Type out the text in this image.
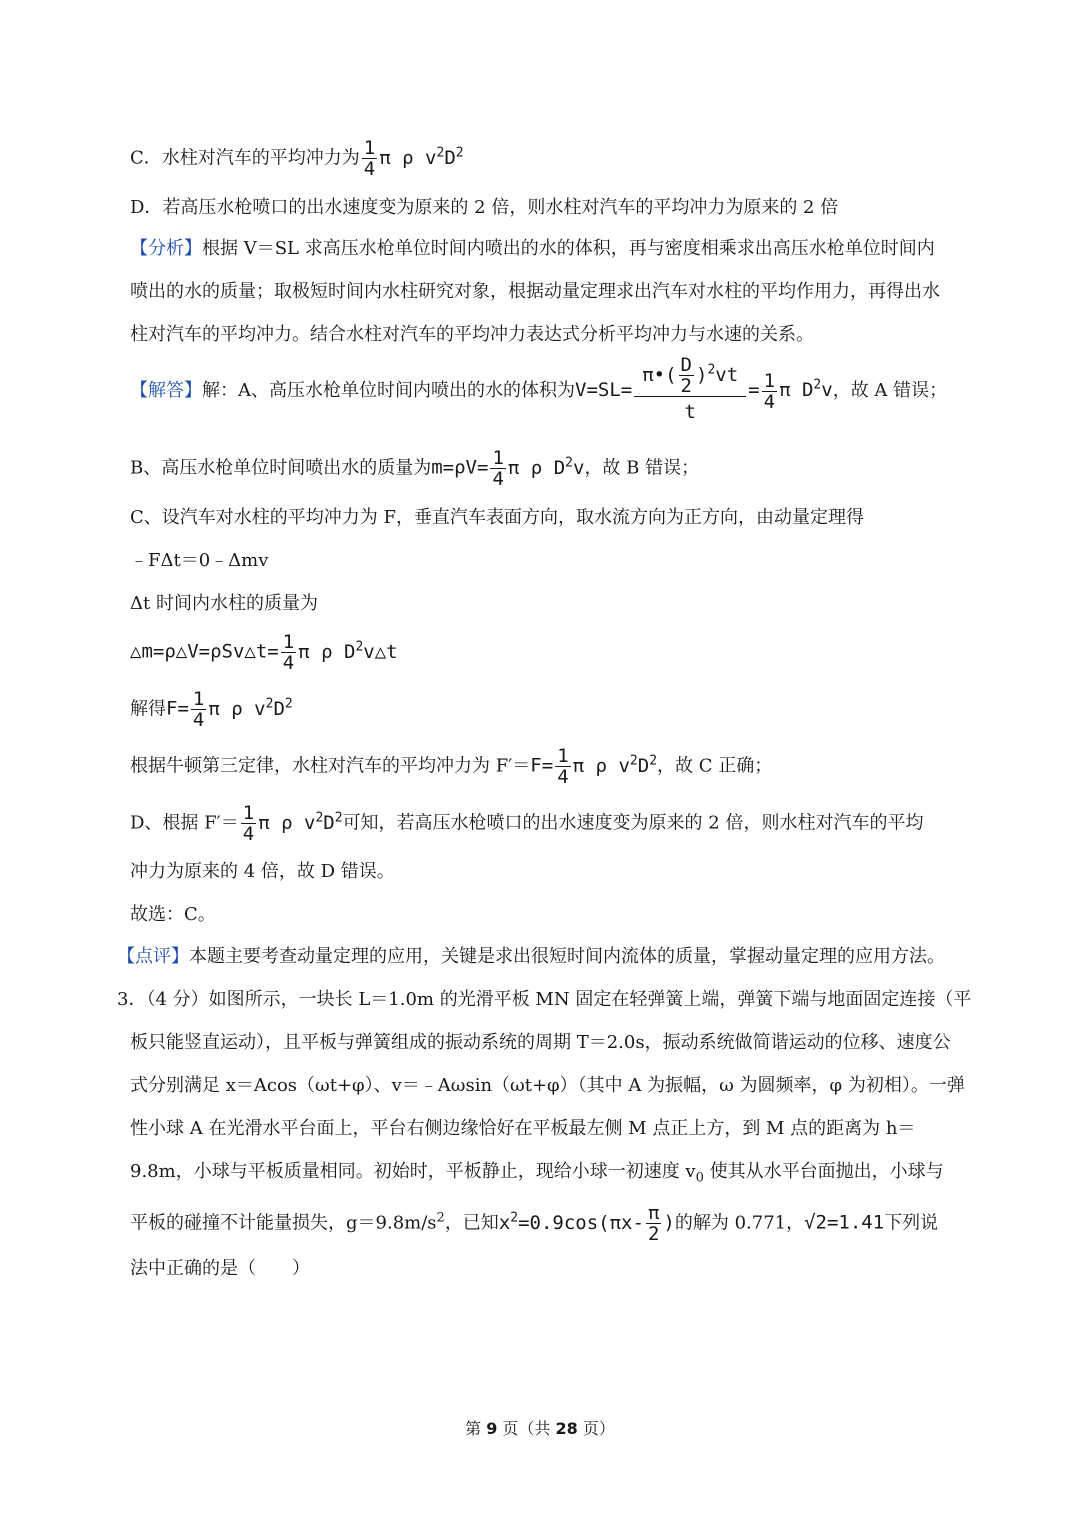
C．水柱对汽车的平均冲力为 $\frac{1}{4}$ π ρ $v^2D^2$
D．若高压水枪喷口的出水速度变为原来的 2 倍，则水柱对汽车的平均冲力为原来的 2 倍
【分析】根据 V＝SL 求高压水枪单位时间内喷出的水的体积，再与密度相乘求出高压水枪单位时间内
喷出的水的质量；取极短时间内水柱研究对象，根据动量定理求出汽车对水柱的平均作用力，再得出水
柱对汽车的平均冲力。结合水柱对汽车的平均冲力表达式分析平均冲力与水速的关系。
【解答】解：A、高压水枪单位时间内喷出的水的体积为$V=SL= \frac{\pi•( \frac{D}{2} )^2vt}{t} = \frac{1}{4}$ π $D^2v$，故 A 错误；
B、高压水枪单位时间喷出水的质量为$m=\rho V= \frac{1}{4}$ π ρ $D^2v$，故 B 错误；
C、设汽车对水柱的平均冲力为 F，垂直汽车表面方向，取水流方向为正方向，由动量定理得
﹣FΔt＝0﹣Δmv
Δt 时间内水柱的质量为
△m=ρ△V=ρSv△t= $\frac{1}{4}$ π ρ $D^2v\triangle t$
解得$F= \frac{1}{4}$ π ρ $v^2D^2$
根据牛顿第三定律，水柱对汽车的平均冲力为 $F'=F= \frac{1}{4}$ π ρ $v^2D^2$，故 C 正确；
D、根据 $F'= \frac{1}{4}$ π ρ $v^2D^2$可知，若高压水枪喷口的出水速度变为原来的 2 倍，则水柱对汽车的平均
冲力为原来的 4 倍，故 D 错误。
故选：C。
【点评】本题主要考查动量定理的应用，关键是求出很短时间内流体的质量，掌握动量定理的应用方法。
3．（4 分）如图所示，一块长 L＝1.0m 的光滑平板 MN 固定在轻弹簧上端，弹簧下端与地面固定连接（平
板只能竖直运动），且平板与弹簧组成的振动系统的周期 T＝2.0s，振动系统做简谐运动的位移、速度公
式分别满足 x＝Acos（ωt+φ）、v＝﹣Aωsin（ωt+φ）（其中 A 为振幅，ω 为圆频率，φ 为初相）。一弹
性小球 A 在光滑水平台面上，平台右侧边缘恰好在平板最左侧 M 点正上方，到 M 点的距离为 h＝
9.8m，小球与平板质量相同。初始时，平板静止，现给小球一初速度 $v_0$ 使其从水平台面抛出，小球与
平板的碰撞不计能量损失，$g=9.8m/s^2$，已知$x^2=0.9\cos(\pi x- \frac{\pi}{2}$ )的解为 0.771，√2=1.41下列说
法中正确的是（　　）
第 9 页（共 28 页）
